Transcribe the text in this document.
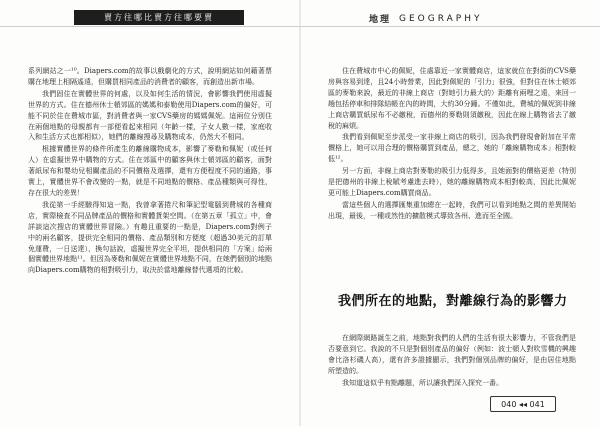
賣方往哪比賣方往哪要賣	地理 GEOGRAPHY

系列網站之一¹⁰。Diapers.com的故事以戲劇化的方式，說明網站如何藉著票購在地理上相隔遙遠，但購買相同產品的消費者的顧客，而創造出新市場。

我們固住在實體世界的何處，以及如何生活的情況，會影響我們使用虛擬世界的方式。住在德州休士頓郊區的媽媽和泰勒使用Diapers.com的偏好，可能不同於住在費城市區，對消費者與一家CVS藥房的媽媽佩妮。這兩位分別住在兩個地點的母親都有一部便看起來相同（年齡一樣，子女人數一樣，家庭收入和生活方式也都相似），她們的離線搜尋及購物成本，仍然大不相同。

根據實體世界的條件所產生的離線購物成本，影響了麥勒和佩妮（或任何人）在虛擬世界中購物的方式。住在郊區中的顧客與休士頓郊區的顧客，面對著紙尿布和嬰幼兒相關產品的不同價格及選擇，還有方便程度不同的通路，事實上，實體世界不會改變的一點，就是不同地點的價格、產品種類與可得性，存在很大的差異！

我從第一手經驗得知這一點，我曾拿著捲尺和筆記型電腦到費城的各種商店，實際檢查不同品牌產品的價格和實體貨架空間。（在第五章「孤立」中，會詳談這次搜店的實體世界冒險。）有趣且重要的一點是，Diapers.com對例子中的兩名顧客，提供完全相同的價格、產品類別和方便度（超過30美元的訂單免運費，一日送達），換句話說，虛擬世界完全平坦，提供相同的「方案」給兩個實體世界地點¹¹。但因為麥勒和佩妮在實體世界地點不同，在她們個別的地點向Diapers.com購物的相對吸引力，取決於當地離線替代選項的比較。

住在費城市中心的佩妮，住處靠近一家實體商店，這家就位在對街的CVS藥房與容易到達，且24小時營業，因此對佩妮的「引力」很強，但對住在休士頓郊區的麥勒來說，最近的非線上商店（對她引力最大的）距離有兩哩之遠，來回一趟包括停車和排隊結帳在內的時間，大約30分鐘。不僅如此，費城的佩妮到非線上商店購買紙尿布不必繳稅，而德州的麥勒則須繳稅，因此在線上購物省去了繳稅的麻煩。

我們看到佩妮至步派受一家非線上商店的吸引，因為我們發現會附加在平常價格上，她可以用合理的價格購買到產品，總之，她的「離線購物成本」相對較低¹²。

另一方面，非線上商店對麥勒的吸引力低得多，且她面對的價格更差（特別是把德州的非線上稅賦考慮進去時），她的離線購物成本相對較高，因此比佩妮更可能上Diapers.com購買商品。

當這些個人的選擇匯集重加總在一起時，我們可以看到地點之間的差異開始出現，最後，一種或然性的擴散模式導致各州、進而至全國。

我們所在的地點，對離線行為的影響力

在網際網路誕生之前，地點對我們的人們的生活有很大影響力，不管我們是否要意到它。我說的不只是對個別產品的偏好（例如：波士頓人對吹雪機的興趣會比洛杉磯人高），還有許多證據顯示，我們對個別品牌的偏好，是由居住地點所塑造的。

我知道這似乎有點離題，所以讓我們深入探究一番。

040 ◂◂ 041
